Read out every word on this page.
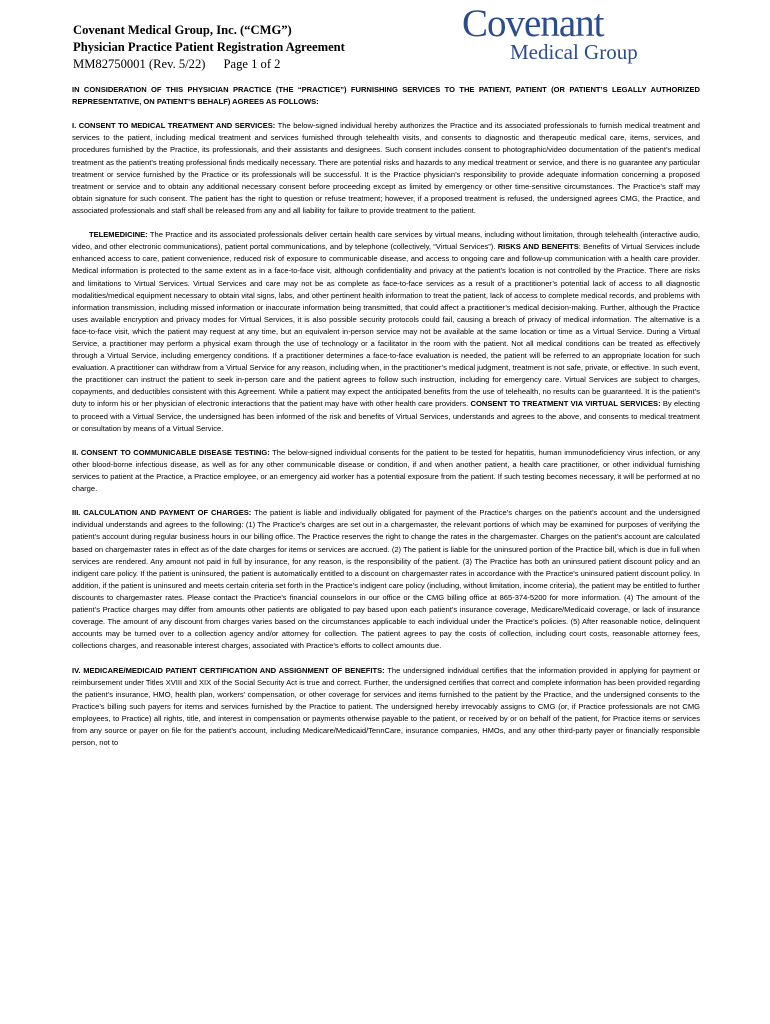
Covenant Medical Group, Inc. (“CMG”)
Physician Practice Patient Registration Agreement
MM82750001 (Rev. 5/22) Page 1 of 2
Covenant
Medical Group

IN CONSIDERATION OF THIS PHYSICIAN PRACTICE (THE “PRACTICE”) FURNISHING SERVICES TO THE PATIENT, PATIENT (OR PATIENT’S LEGALLY AUTHORIZED REPRESENTATIVE, ON PATIENT’S BEHALF) AGREES AS FOLLOWS:

I. CONSENT TO MEDICAL TREATMENT AND SERVICES: The below-signed individual hereby authorizes the Practice and its associated professionals to furnish medical treatment and services to the patient, including medical treatment and services furnished through telehealth visits, and consents to diagnostic and therapeutic medical care, items, services, and procedures furnished by the Practice, its professionals, and their assistants and designees. Such consent includes consent to photographic/video documentation of the patient’s medical treatment as the patient’s treating professional finds medically necessary. There are potential risks and hazards to any medical treatment or service, and there is no guarantee any particular treatment or service furnished by the Practice or its professionals will be successful. It is the Practice physician’s responsibility to provide adequate information concerning a proposed treatment or service and to obtain any additional necessary consent before proceeding except as limited by emergency or other time-sensitive circumstances. The Practice’s staff may obtain signature for such consent. The patient has the right to question or refuse treatment; however, if a proposed treatment is refused, the undersigned agrees CMG, the Practice, and associated professionals and staff shall be released from any and all liability for failure to provide treatment to the patient.

TELEMEDICINE: The Practice and its associated professionals deliver certain health care services by virtual means, including without limitation, through telehealth (interactive audio, video, and other electronic communications), patient portal communications, and by telephone (collectively, “Virtual Services”). RISKS AND BENEFITS: Benefits of Virtual Services include enhanced access to care, patient convenience, reduced risk of exposure to communicable disease, and access to ongoing care and follow-up communication with a health care provider. Medical information is protected to the same extent as in a face-to-face visit, although confidentiality and privacy at the patient’s location is not controlled by the Practice. There are risks and limitations to Virtual Services. Virtual Services and care may not be as complete as face-to-face services as a result of a practitioner’s potential lack of access to all diagnostic modalities/medical equipment necessary to obtain vital signs, labs, and other pertinent health information to treat the patient, lack of access to complete medical records, and problems with information transmission, including missed information or inaccurate information being transmitted, that could affect a practitioner’s medical decision-making. Further, although the Practice uses available encryption and privacy modes for Virtual Services, it is also possible security protocols could fail, causing a breach of privacy of medical information. The alternative is a face-to-face visit, which the patient may request at any time, but an equivalent in-person service may not be available at the same location or time as a Virtual Service. During a Virtual Service, a practitioner may perform a physical exam through the use of technology or a facilitator in the room with the patient. Not all medical conditions can be treated as effectively through a Virtual Service, including emergency conditions. If a practitioner determines a face-to-face evaluation is needed, the patient will be referred to an appropriate location for such evaluation. A practitioner can withdraw from a Virtual Service for any reason, including when, in the practitioner’s medical judgment, treatment is not safe, private, or effective. In such event, the practitioner can instruct the patient to seek in-person care and the patient agrees to follow such instruction, including for emergency care. Virtual Services are subject to charges, copayments, and deductibles consistent with this Agreement. While a patient may expect the anticipated benefits from the use of telehealth, no results can be guaranteed. It is the patient’s duty to inform his or her physician of electronic interactions that the patient may have with other health care providers. CONSENT TO TREATMENT VIA VIRTUAL SERVICES: By electing to proceed with a Virtual Service, the undersigned has been informed of the risk and benefits of Virtual Services, understands and agrees to the above, and consents to medical treatment or consultation by means of a Virtual Service.

II. CONSENT TO COMMUNICABLE DISEASE TESTING: The below-signed individual consents for the patient to be tested for hepatitis, human immunodeficiency virus infection, or any other blood-borne infectious disease, as well as for any other communicable disease or condition, if and when another patient, a health care practitioner, or other individual furnishing services to patient at the Practice, a Practice employee, or an emergency aid worker has a potential exposure from the patient. If such testing becomes necessary, it will be performed at no charge.

III. CALCULATION AND PAYMENT OF CHARGES: The patient is liable and individually obligated for payment of the Practice’s charges on the patient’s account and the undersigned individual understands and agrees to the following: (1) The Practice’s charges are set out in a chargemaster, the relevant portions of which may be examined for purposes of verifying the patient’s account during regular business hours in our billing office. The Practice reserves the right to change the rates in the chargemaster. Charges on the patient’s account are calculated based on chargemaster rates in effect as of the date charges for items or services are accrued. (2) The patient is liable for the uninsured portion of the Practice bill, which is due in full when services are rendered. Any amount not paid in full by insurance, for any reason, is the responsibility of the patient. (3) The Practice has both an uninsured patient discount policy and an indigent care policy. If the patient is uninsured, the patient is automatically entitled to a discount on chargemaster rates in accordance with the Practice’s uninsured patient discount policy. In addition, if the patient is uninsured and meets certain criteria set forth in the Practice’s indigent care policy (including, without limitation, income criteria), the patient may be entitled to further discounts to chargemaster rates. Please contact the Practice’s financial counselors in our office or the CMG billing office at 865-374-5200 for more information. (4) The amount of the patient’s Practice charges may differ from amounts other patients are obligated to pay based upon each patient’s insurance coverage, Medicare/Medicaid coverage, or lack of insurance coverage. The amount of any discount from charges varies based on the circumstances applicable to each individual under the Practice’s policies. (5) After reasonable notice, delinquent accounts may be turned over to a collection agency and/or attorney for collection. The patient agrees to pay the costs of collection, including court costs, reasonable attorney fees, collections charges, and reasonable interest charges, associated with Practice’s efforts to collect amounts due.

IV. MEDICARE/MEDICAID PATIENT CERTIFICATION AND ASSIGNMENT OF BENEFITS: The undersigned individual certifies that the information provided in applying for payment or reimbursement under Titles XVIII and XIX of the Social Security Act is true and correct. Further, the undersigned certifies that correct and complete information has been provided regarding the patient’s insurance, HMO, health plan, workers’ compensation, or other coverage for services and items furnished to the patient by the Practice, and the undersigned consents to the Practice’s billing such payers for items and services furnished by the Practice to patient. The undersigned hereby irrevocably assigns to CMG (or, if Practice professionals are not CMG employees, to Practice) all rights, title, and interest in compensation or payments otherwise payable to the patient, or received by or on behalf of the patient, for Practice items or services from any source or payer on file for the patient’s account, including Medicare/Medicaid/TennCare, insurance companies, HMOs, and any other third-party payer or financially responsible person, not to
